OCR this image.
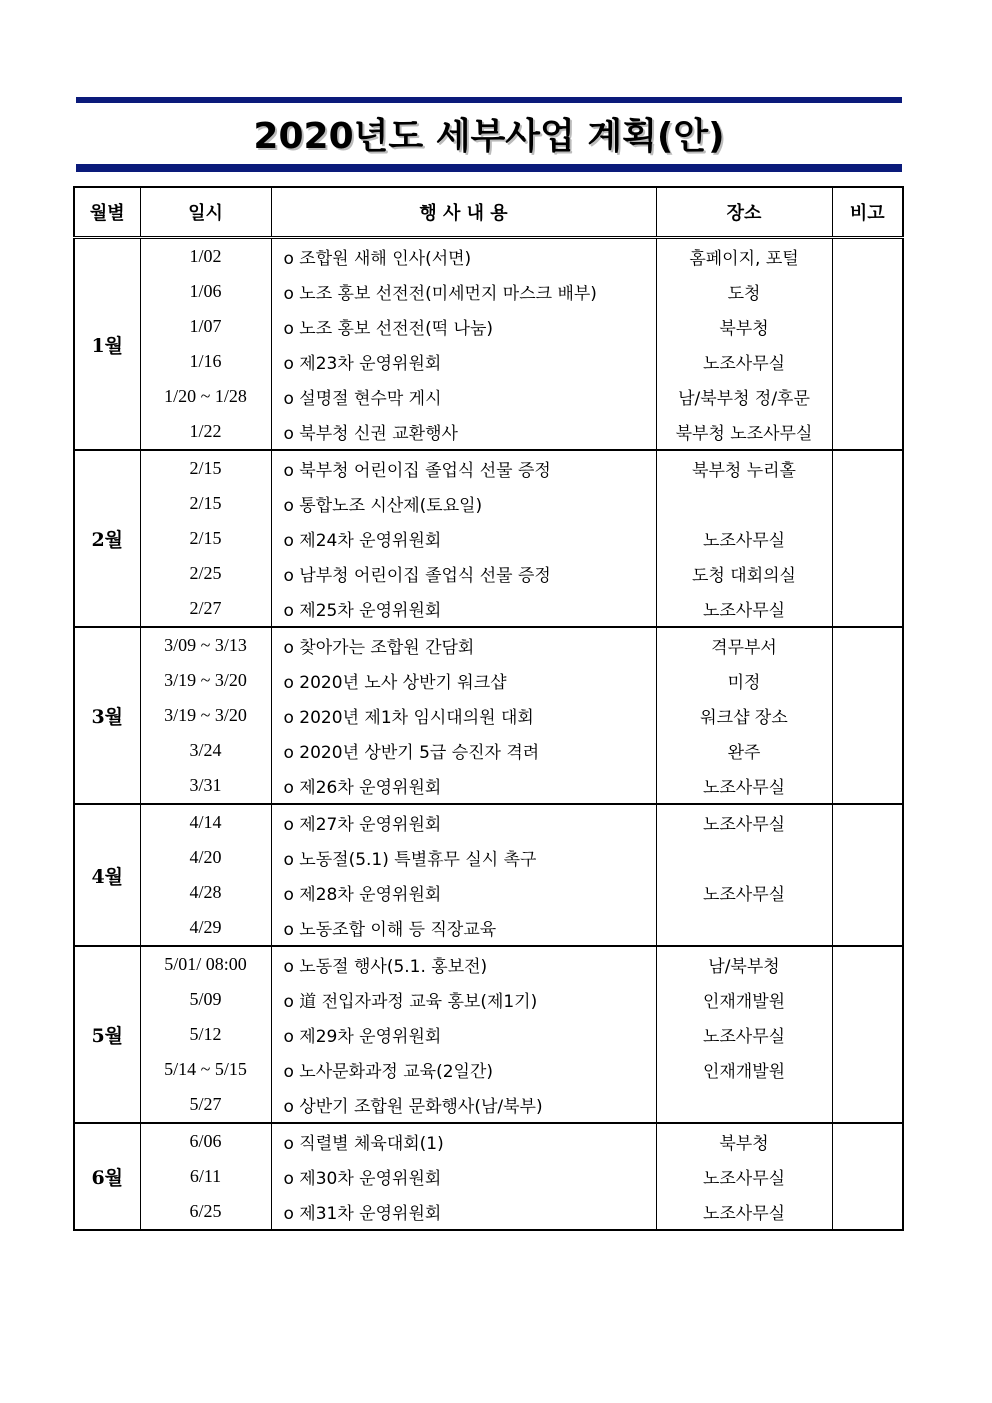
2020년도 세부사업 계획(안)
월별	일시	행 사 내 용	장소	비고
1월	1/02	o 조합원 새해 인사(서면)	홈페이지, 포털	
	1/06	o 노조 홍보 선전전(미세먼지 마스크 배부)	도청	
	1/07	o 노조 홍보 선전전(떡 나눔)	북부청	
	1/16	o 제23차 운영위원회	노조사무실	
	1/20 ~ 1/28	o 설명절 현수막 게시	남/북부청 정/후문	
	1/22	o 북부청 신권 교환행사	북부청 노조사무실	
2월	2/15	o 북부청 어린이집 졸업식 선물 증정	북부청 누리홀	
	2/15	o 통합노조 시산제(토요일)		
	2/15	o 제24차 운영위원회	노조사무실	
	2/25	o 남부청 어린이집 졸업식 선물 증정	도청 대회의실	
	2/27	o 제25차 운영위원회	노조사무실	
3월	3/09 ~ 3/13	o 찾아가는 조합원 간담회	격무부서	
	3/19 ~ 3/20	o 2020년 노사 상반기 워크샵	미정	
	3/19 ~ 3/20	o 2020년 제1차 임시대의원 대회	워크샵 장소	
	3/24	o 2020년 상반기 5급 승진자 격려	완주	
	3/31	o 제26차 운영위원회	노조사무실	
4월	4/14	o 제27차 운영위원회	노조사무실	
	4/20	o 노동절(5.1) 특별휴무 실시 촉구		
	4/28	o 제28차 운영위원회	노조사무실	
	4/29	o 노동조합 이해 등 직장교육		
5월	5/01/ 08:00	o 노동절 행사(5.1. 홍보전)	남/북부청	
	5/09	o 道 전입자과정 교육 홍보(제1기)	인재개발원	
	5/12	o 제29차 운영위원회	노조사무실	
	5/14 ~ 5/15	o 노사문화과정 교육(2일간)	인재개발원	
	5/27	o 상반기 조합원 문화행사(남/북부)		
6월	6/06	o 직렬별 체육대회(1)	북부청	
	6/11	o 제30차 운영위원회	노조사무실	
	6/25	o 제31차 운영위원회	노조사무실	
